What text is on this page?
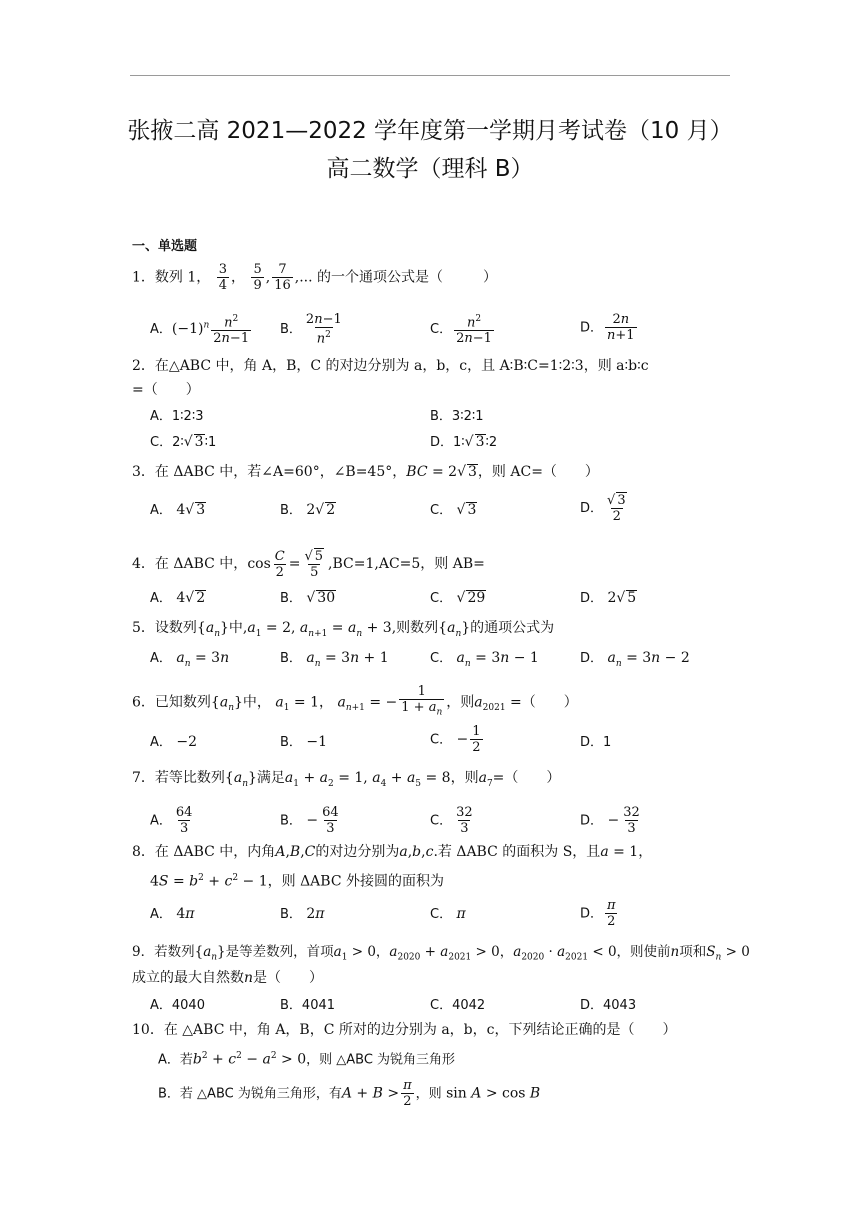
张掖二高 2021—2022 学年度第一学期月考试卷（10 月）
高二数学（理科 B）
一、单选题
1．数列 1， $\frac{3}{4}$ ， $\frac{5}{9}$ , $\frac{7}{16}$ ,... 的一个通项公式是（	）
A．$(-1)^n \frac{n^2}{2n-1}$ B． $\frac{2n-1}{n^2}$	C． $\frac{n^2}{2n-1}$	D． $\frac{2n}{n+1}$
2．在△ABC 中，角 A，B，C 的对边分别为 a，b，c，且 A∶B∶C=1∶2∶3，则 a∶b∶c
=（　　）
A．1∶2∶3	B．3∶2∶1
C．2∶√ 3∶1	D．1∶√ 3∶2
3．在 ΔABC 中，若∠A=60°，∠B=45°，BC = 2√ 3，则 AC=（　　）
A． 4√ 3	B． 2√ 2	C． √ 3	D． $\frac{√ 3}{2}$
4．在 ΔABC 中，$\cos \frac{C}{2} = \frac{√ 5}{5} ,BC=1,AC=5$，则 AB=
A． 4√ 2	B． √ 30	C． √ 29	D． 2√ 5
5．设数列$\{a_n\}$中$,a_1 = 2$, $a_{n+1} = a_n + 3$,则数列$\{a_n\}$的通项公式为
A． $a_n = 3n$	B． $a_n = 3n + 1$	C． $a_n = 3n - 1$	D． $a_n = 3n - 2$
6．已知数列$\{a_n\}$中， $a_1 = 1$， $a_{n+1}$ = − $\frac{1}{1 + a_n}$ ，则$a_{2021}$ =（　　）
A． −2	B． −1	C． − $\frac{1}{2}$	D．1
7．若等比数列$\{a_n\}$满足$a_1 + a_2 = 1$, $a_4 + a_5 = 8$，则$a_7=$（　　）
A． $\frac{64}{3}$	B． − $\frac{64}{3}$	C． $\frac{32}{3}$	D． − $\frac{32}{3}$
8．在 ΔABC 中，内角A,B,C的对边分别为a,b,c.若 ΔABC 的面积为 S，且a = 1，
$4S = b^2 + c^2 - 1$，则 ΔABC 外接圆的面积为
A． 4π	B． 2π	C． π	D． $\frac{\pi}{2}$
9．若数列$\{a_n\}$是等差数列，首项$a_1 > 0$，$a_{2020} + a_{2021} > 0$，$a_{2020} \cdot a_{2021} < 0$，则使前n项和$S_n > 0$
成立的最大自然数n是（　　）
A．4040	B．4041	C．4042	D．4043
10．在 △ABC 中，角 A，B，C 所对的边分别为 a，b，c，下列结论正确的是（　　）
A．若$b^2 + c^2 - a^2 > 0$，则 △ABC 为锐角三角形
B．若 △ABC 为锐角三角形，有$A + B > \frac{\pi}{2}$ ，则 sin A > cos B
